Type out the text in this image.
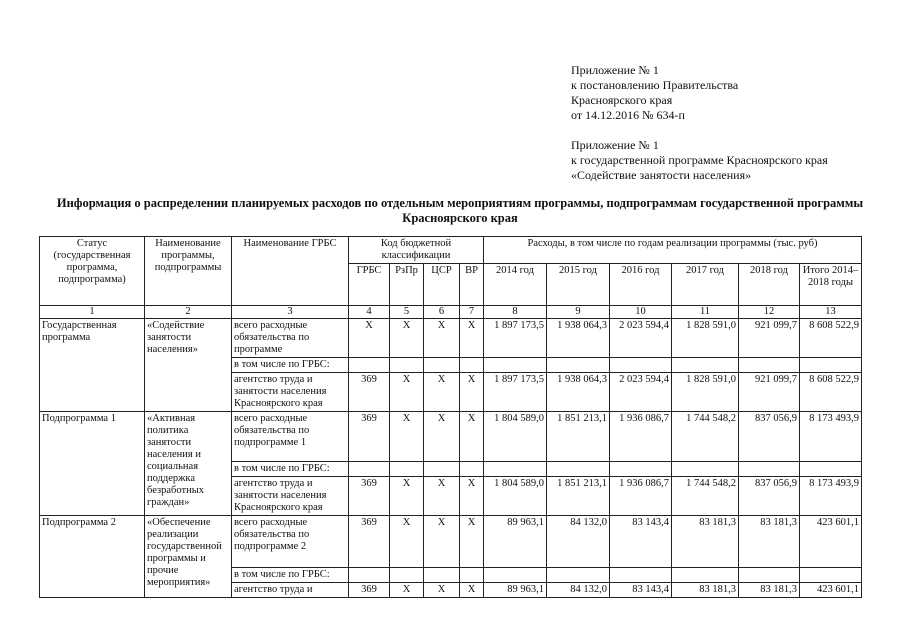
Приложение № 1
к постановлению Правительства
Красноярского края
от 14.12.2016 № 634-п
Приложение № 1
к государственной программе Красноярского края
«Содействие занятости населения»
Информация о распределении планируемых расходов по отдельным мероприятиям программы, подпрограммам государственной программы Красноярского края
Статус (государственная программа, подпрограмма)	Наименование программы, подпрограммы	Наименование ГРБС	Код бюджетной классификации				Расходы, в том числе по годам реализации программы (тыс. руб)					
			ГРБС	РзПр	ЦСР	ВР	2014 год	2015 год	2016 год	2017 год	2018 год	Итого 2014–2018 годы
1	2	3	4	5	6	7	8	9	10	11	12	13
Государственная программа	«Содействие занятости населения»	всего расходные обязательства по программе	Х	Х	Х	Х	1 897 173,5	1 938 064,3	2 023 594,4	1 828 591,0	921 099,7	8 608 522,9
		в том числе по ГРБС:										
		агентство труда и занятости населения Красноярского края	369	Х	Х	Х	1 897 173,5	1 938 064,3	2 023 594,4	1 828 591,0	921 099,7	8 608 522,9
Подпрограмма 1	«Активная политика занятости населения и социальная поддержка безработных граждан»	всего расходные обязательства по подпрограмме 1	369	Х	Х	Х	1 804 589,0	1 851 213,1	1 936 086,7	1 744 548,2	837 056,9	8 173 493,9
		в том числе по ГРБС:										
		агентство труда и занятости населения Красноярского края	369	Х	Х	Х	1 804 589,0	1 851 213,1	1 936 086,7	1 744 548,2	837 056,9	8 173 493,9
Подпрограмма 2	«Обеспечение реализации государственной программы и прочие мероприятия»	всего расходные обязательства по подпрограмме 2	369	Х	Х	Х	89 963,1	84 132,0	83 143,4	83 181,3	83 181,3	423 601,1
		в том числе по ГРБС:										
		агентство труда и	369	Х	Х	Х	89 963,1	84 132,0	83 143,4	83 181,3	83 181,3	423 601,1
